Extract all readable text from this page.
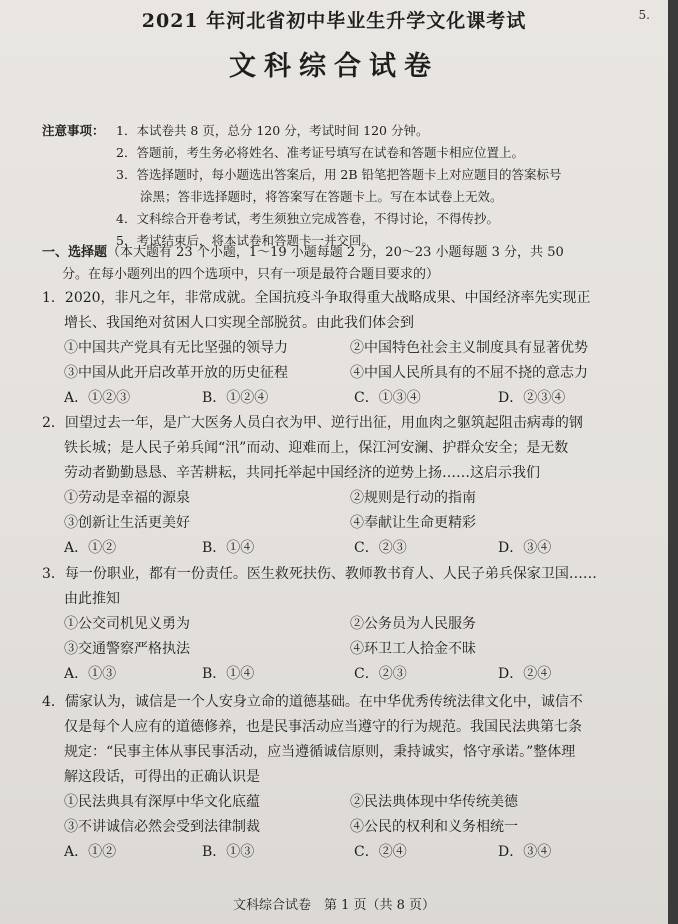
5.
2021 年河北省初中毕业生升学文化课考试
文科综合试卷
注意事项： 1．本试卷共 8 页，总分 120 分，考试时间 120 分钟。
2．答题前，考生务必将姓名、准考证号填写在试卷和答题卡相应位置上。
3．答选择题时，每小题选出答案后，用 2B 铅笔把答题卡上对应题目的答案标号
涂黑；答非选择题时，将答案写在答题卡上。写在本试卷上无效。
4．文科综合开卷考试，考生须独立完成答卷，不得讨论，不得传抄。
5．考试结束后，将本试卷和答题卡一并交回。
一、选择题（本大题有 23 个小题，1～19 小题每题 2 分，20～23 小题每题 3 分，共 50
分。在每小题列出的四个选项中，只有一项是最符合题目要求的）
1．2020，非凡之年，非常成就。全国抗疫斗争取得重大战略成果、中国经济率先实现正
增长、我国绝对贫困人口实现全部脱贫。由此我们体会到
①中国共产党具有无比坚强的领导力	②中国特色社会主义制度具有显著优势
③中国从此开启改革开放的历史征程	④中国人民所具有的不屈不挠的意志力
A．①②③	B．①②④	C．①③④	D．②③④
2．回望过去一年，是广大医务人员白衣为甲、逆行出征，用血肉之躯筑起阻击病毒的钢
铁长城；是人民子弟兵闻“汛”而动、迎难而上，保江河安澜、护群众安全；是无数
劳动者勤勤恳恳、辛苦耕耘，共同托举起中国经济的逆势上扬……这启示我们
①劳动是幸福的源泉	②规则是行动的指南
③创新让生活更美好	④奉献让生命更精彩
A．①②	B．①④	C．②③	D．③④
3．每一份职业，都有一份责任。医生救死扶伤、教师教书育人、人民子弟兵保家卫国……
由此推知
①公交司机见义勇为	②公务员为人民服务
③交通警察严格执法	④环卫工人拾金不昧
A．①③	B．①④	C．②③	D．②④
4．儒家认为，诚信是一个人安身立命的道德基础。在中华优秀传统法律文化中，诚信不
仅是每个人应有的道德修养，也是民事活动应当遵守的行为规范。我国民法典第七条
规定：“民事主体从事民事活动，应当遵循诚信原则，秉持诚实，恪守承诺。”整体理
解这段话，可得出的正确认识是
①民法典具有深厚中华文化底蕴	②民法典体现中华传统美德
③不讲诚信必然会受到法律制裁	④公民的权利和义务相统一
A．①②	B．①③	C．②④	D．③④
文科综合试卷　第 1 页（共 8 页）
